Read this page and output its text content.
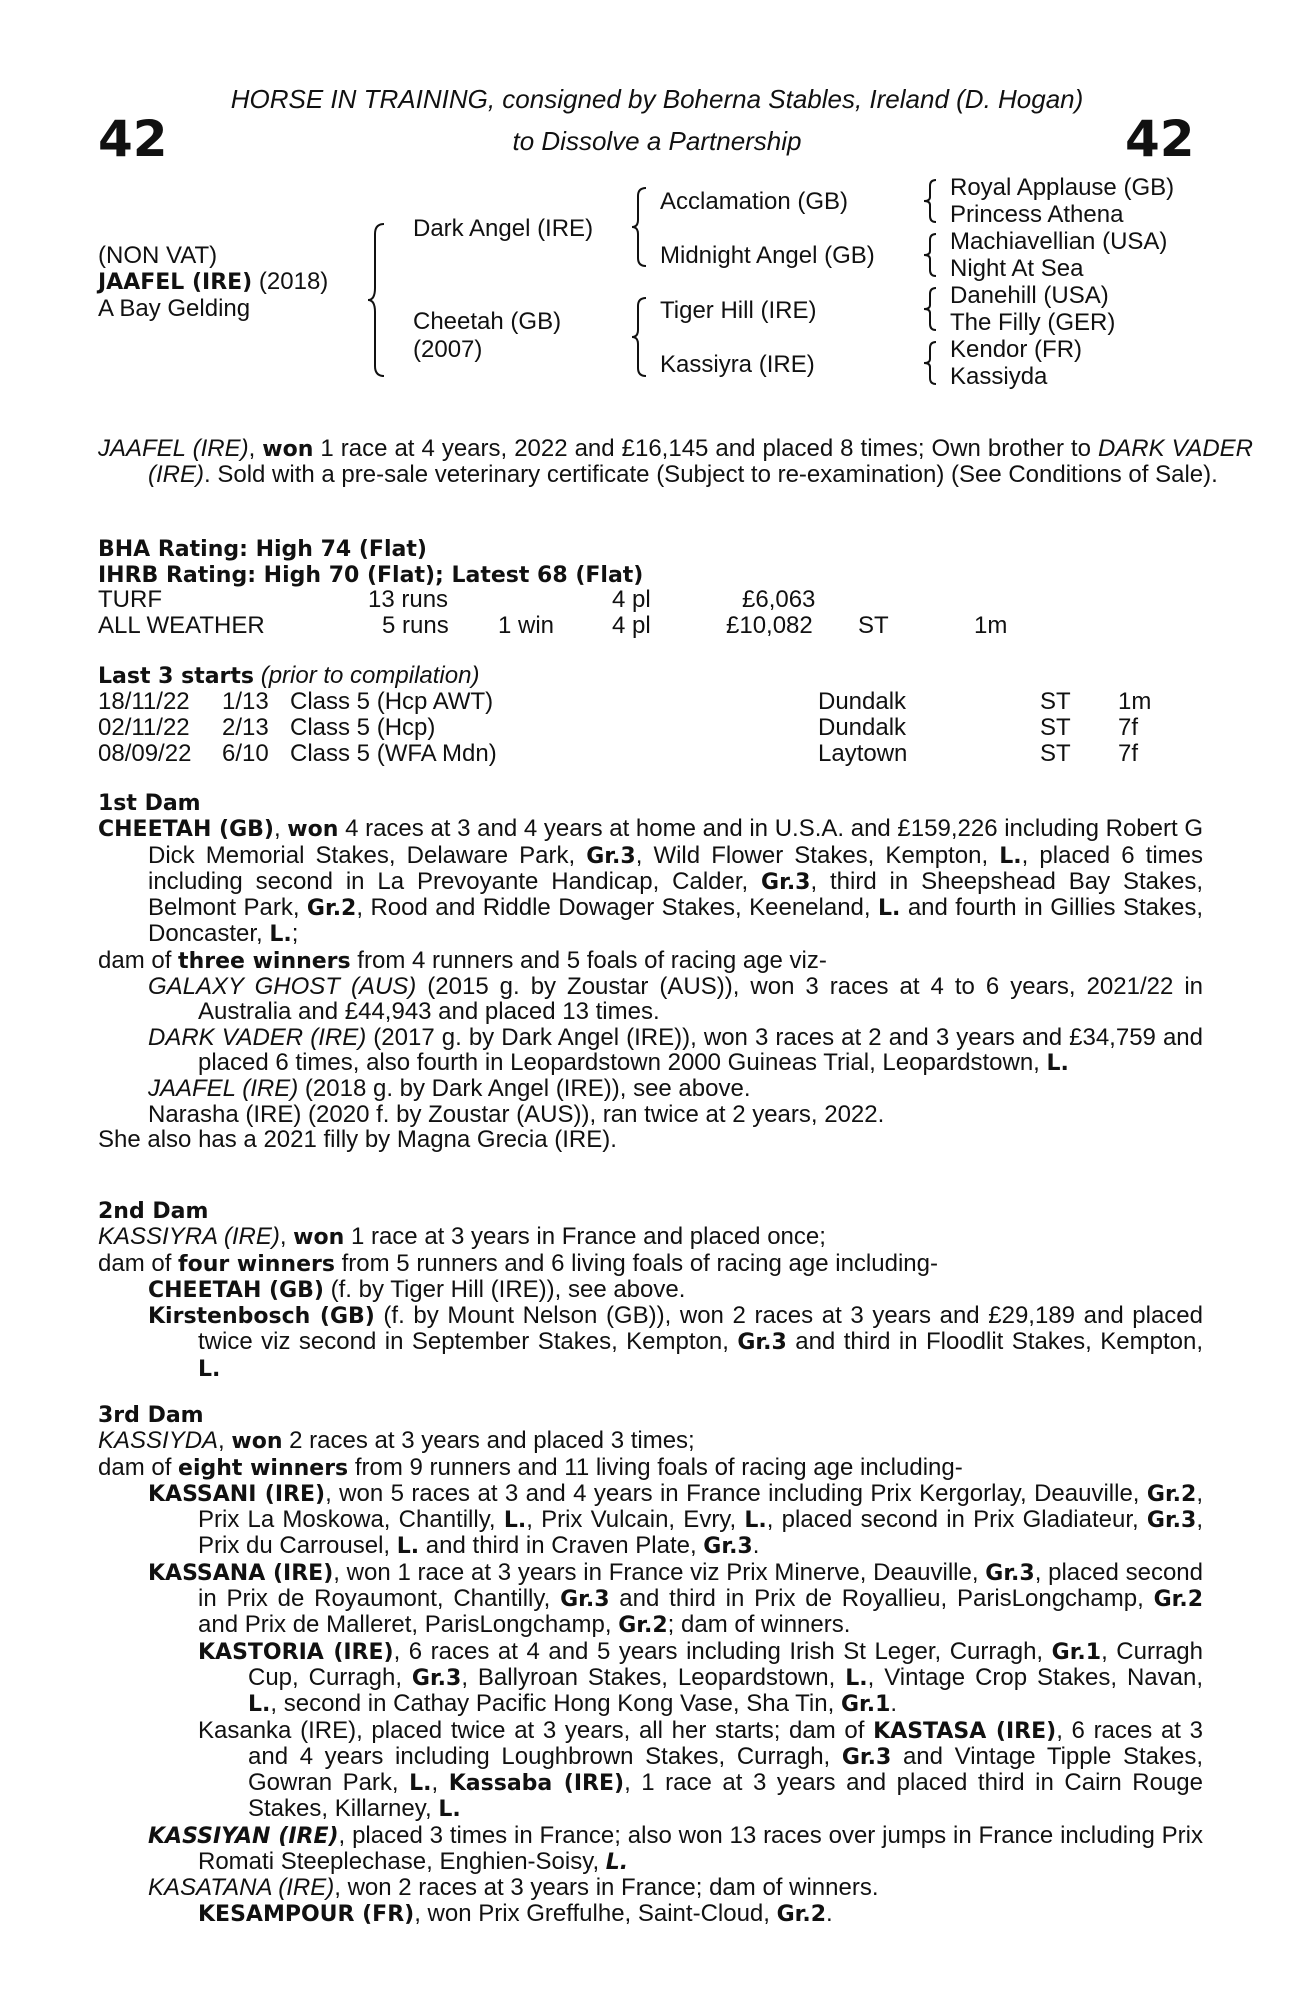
HORSE IN TRAINING, consigned by Boherna Stables, Ireland (D. Hogan)
to Dissolve a Partnership
42	42
(NON VAT)
JAAFEL (IRE) (2018)
A Bay Gelding
Dark Angel (IRE)
Cheetah (GB)
(2007)
Acclamation (GB)
Midnight Angel (GB)
Tiger Hill (IRE)
Kassiyra (IRE)
Royal Applause (GB)
Princess Athena
Machiavellian (USA)
Night At Sea
Danehill (USA)
The Filly (GER)
Kendor (FR)
Kassiyda
JAAFEL (IRE), won 1 race at 4 years, 2022 and £16,145 and placed 8 times; Own brother to DARK VADER (IRE). Sold with a pre-sale veterinary certificate (Subject to re-examination) (See Conditions of Sale).
BHA Rating: High 74 (Flat)
IHRB Rating: High 70 (Flat); Latest 68 (Flat)
TURF	13 runs	4 pl	£6,063
ALL WEATHER	5 runs 1 win 4 pl	£10,082 ST	1m
Last 3 starts (prior to compilation)
18/11/22 1/13 Class 5 (Hcp AWT)	Dundalk	ST 1m
02/11/22 2/13 Class 5 (Hcp)	Dundalk	ST 7f
08/09/22 6/10 Class 5 (WFA Mdn)	Laytown	ST 7f
1st Dam
CHEETAH (GB), won 4 races at 3 and 4 years at home and in U.S.A. and £159,226 including Robert G Dick Memorial Stakes, Delaware Park, Gr.3, Wild Flower Stakes, Kempton, L., placed 6 times including second in La Prevoyante Handicap, Calder, Gr.3, third in Sheepshead Bay Stakes, Belmont Park, Gr.2, Rood and Riddle Dowager Stakes, Keeneland, L. and fourth in Gillies Stakes, Doncaster, L.;
dam of three winners from 4 runners and 5 foals of racing age viz-
GALAXY GHOST (AUS) (2015 g. by Zoustar (AUS)), won 3 races at 4 to 6 years, 2021/22 in Australia and £44,943 and placed 13 times.
DARK VADER (IRE) (2017 g. by Dark Angel (IRE)), won 3 races at 2 and 3 years and £34,759 and placed 6 times, also fourth in Leopardstown 2000 Guineas Trial, Leopardstown, L.
JAAFEL (IRE) (2018 g. by Dark Angel (IRE)), see above.
Narasha (IRE) (2020 f. by Zoustar (AUS)), ran twice at 2 years, 2022.
She also has a 2021 filly by Magna Grecia (IRE).
2nd Dam
KASSIYRA (IRE), won 1 race at 3 years in France and placed once;
dam of four winners from 5 runners and 6 living foals of racing age including-
CHEETAH (GB) (f. by Tiger Hill (IRE)), see above.
Kirstenbosch (GB) (f. by Mount Nelson (GB)), won 2 races at 3 years and £29,189 and placed twice viz second in September Stakes, Kempton, Gr.3 and third in Floodlit Stakes, Kempton, L.
3rd Dam
KASSIYDA, won 2 races at 3 years and placed 3 times;
dam of eight winners from 9 runners and 11 living foals of racing age including-
KASSANI (IRE), won 5 races at 3 and 4 years in France including Prix Kergorlay, Deauville, Gr.2, Prix La Moskowa, Chantilly, L., Prix Vulcain, Evry, L., placed second in Prix Gladiateur, Gr.3, Prix du Carrousel, L. and third in Craven Plate, Gr.3.
KASSANA (IRE), won 1 race at 3 years in France viz Prix Minerve, Deauville, Gr.3, placed second in Prix de Royaumont, Chantilly, Gr.3 and third in Prix de Royallieu, ParisLongchamp, Gr.2 and Prix de Malleret, ParisLongchamp, Gr.2; dam of winners.
KASTORIA (IRE), 6 races at 4 and 5 years including Irish St Leger, Curragh, Gr.1, Curragh Cup, Curragh, Gr.3, Ballyroan Stakes, Leopardstown, L., Vintage Crop Stakes, Navan, L., second in Cathay Pacific Hong Kong Vase, Sha Tin, Gr.1.
Kasanka (IRE), placed twice at 3 years, all her starts; dam of KASTASA (IRE), 6 races at 3 and 4 years including Loughbrown Stakes, Curragh, Gr.3 and Vintage Tipple Stakes, Gowran Park, L., Kassaba (IRE), 1 race at 3 years and placed third in Cairn Rouge Stakes, Killarney, L.
KASSIYAN (IRE), placed 3 times in France; also won 13 races over jumps in France including Prix Romati Steeplechase, Enghien-Soisy, L.
KASATANA (IRE), won 2 races at 3 years in France; dam of winners.
KESAMPOUR (FR), won Prix Greffulhe, Saint-Cloud, Gr.2.
